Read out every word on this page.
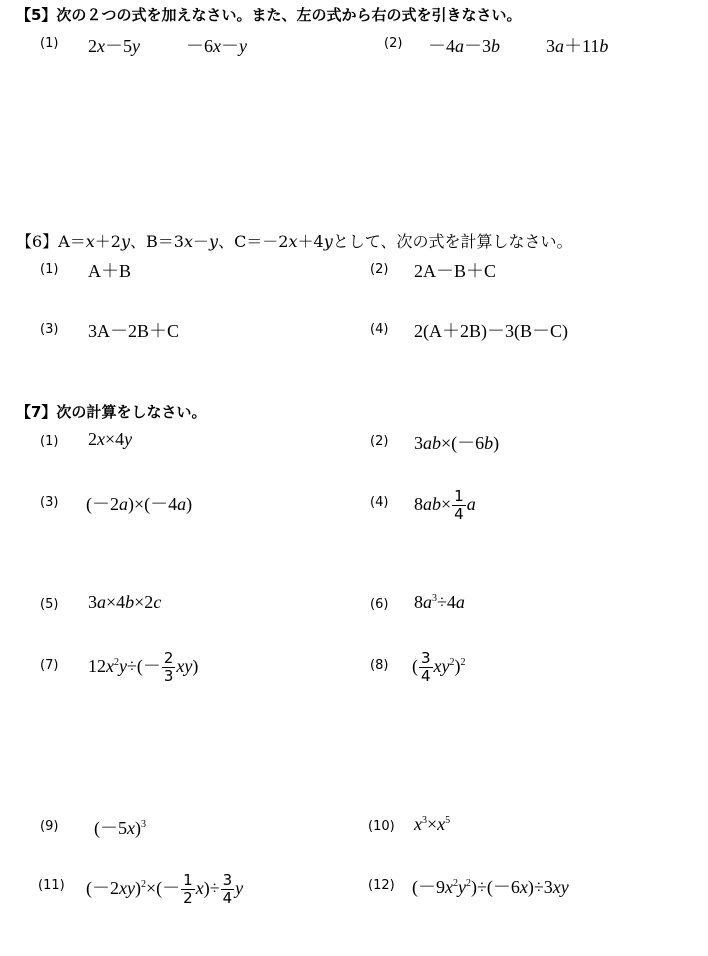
【5】次の２つの式を加えなさい。また、左の式から右の式を引きなさい。
(1) 2x－5y	－6x－y	(2) －4a－3b	3a＋11b
【6】A＝x＋2y、B＝3x－y、C＝－2x＋4yとして、次の式を計算しなさい。
(1) A＋B	(2) 2A－B＋C
(3) 3A－2B＋C	(4) 2(A＋2B)－3(B－C)
【7】次の計算をしなさい。
(1) 2x×4y	(2) 3ab×(－6b)
(3) (－2a)×(－4a)	(4) $8ab\times \frac{1}{4}$ a
(5) 3a×4b×2c	(6) $8a^3\div 4a$
(7) $12x^2y\div(- \frac{2}{3} xy)$	(8) ( $\frac{3}{4} xy^2)^2$
(9) $(-5x)^3$	(10) $x^3\times x^5$
(11) $(-2xy)^2\times(- \frac{1}{2} x)\div \frac{3}{4}$ y	(12) $(-9x^2y^2)\div(-6x)\div 3xy$
